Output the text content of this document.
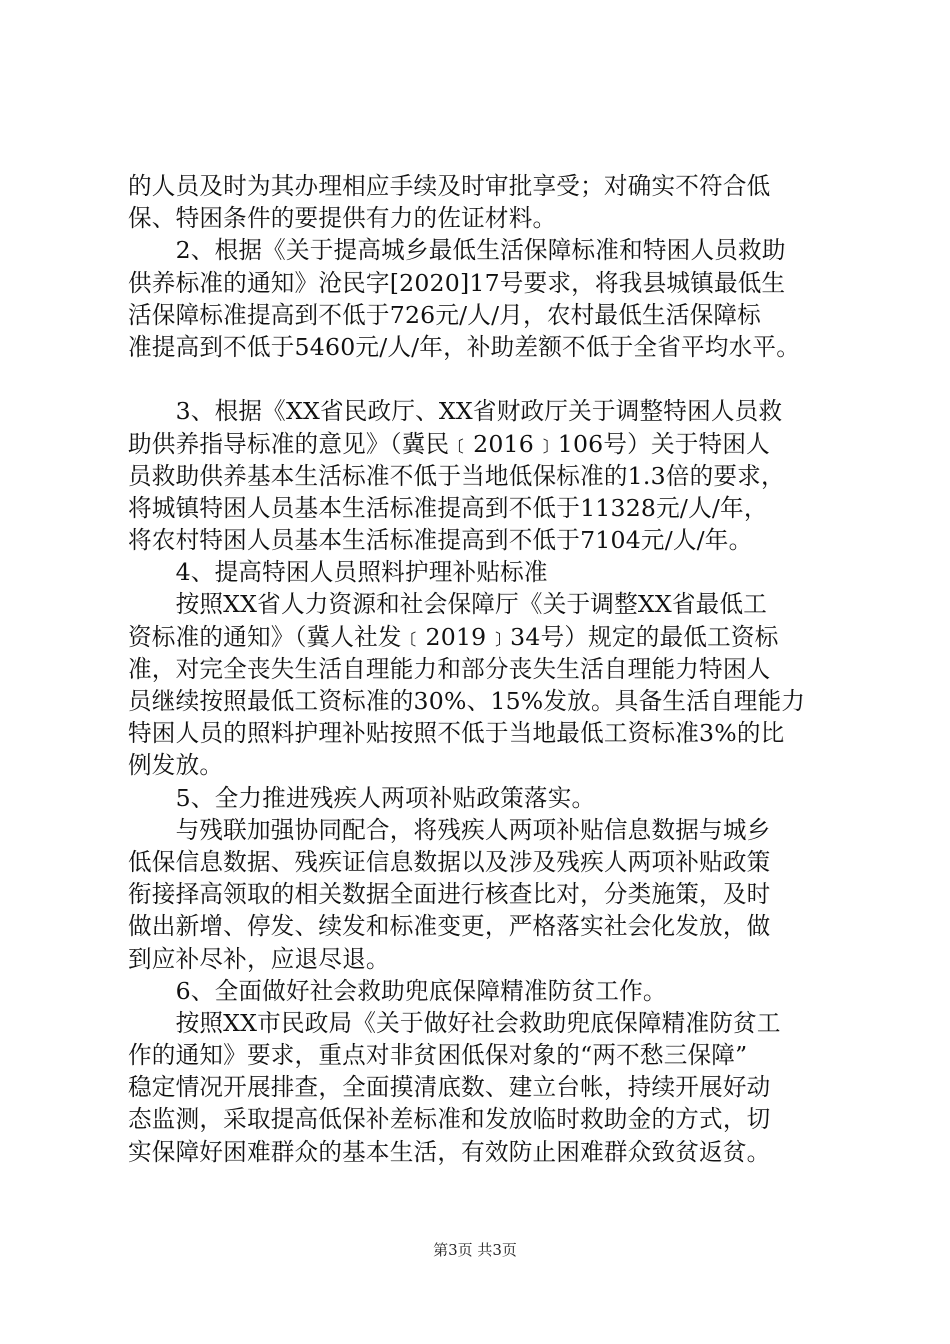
的人员及时为其办理相应手续及时审批享受；对确实不符合低
保、特困条件的要提供有力的佐证材料。
　　2、根据《关于提高城乡最低生活保障标准和特困人员救助
供养标准的通知》沧民字[2020]17号要求，将我县城镇最低生
活保障标准提高到不低于726元/人/月，农村最低生活保障标
准提高到不低于5460元/人/年，补助差额不低于全省平均水平。
　　3、根据《XX省民政厅、XX省财政厅关于调整特困人员救
助供养指导标准的意见》（冀民﹝2016﹞106号）关于特困人
员救助供养基本生活标准不低于当地低保标准的1.3倍的要求，
将城镇特困人员基本生活标准提高到不低于11328元/人/年，
将农村特困人员基本生活标准提高到不低于7104元/人/年。
　　4、提高特困人员照料护理补贴标准
　　按照XX省人力资源和社会保障厅《关于调整XX省最低工
资标准的通知》（冀人社发﹝2019﹞34号）规定的最低工资标
准，对完全丧失生活自理能力和部分丧失生活自理能力特困人
员继续按照最低工资标准的30%、15%发放。具备生活自理能力
特困人员的照料护理补贴按照不低于当地最低工资标准3%的比
例发放。
　　5、全力推进残疾人两项补贴政策落实。
　　与残联加强协同配合，将残疾人两项补贴信息数据与城乡
低保信息数据、残疾证信息数据以及涉及残疾人两项补贴政策
衔接择高领取的相关数据全面进行核查比对，分类施策，及时
做出新增、停发、续发和标准变更，严格落实社会化发放，做
到应补尽补，应退尽退。
　　6、全面做好社会救助兜底保障精准防贫工作。
　　按照XX市民政局《关于做好社会救助兜底保障精准防贫工
作的通知》要求，重点对非贫困低保对象的“两不愁三保障”
稳定情况开展排查，全面摸清底数、建立台帐，持续开展好动
态监测，采取提高低保补差标准和发放临时救助金的方式，切
实保障好困难群众的基本生活，有效防止困难群众致贫返贫。
第3页 共3页
